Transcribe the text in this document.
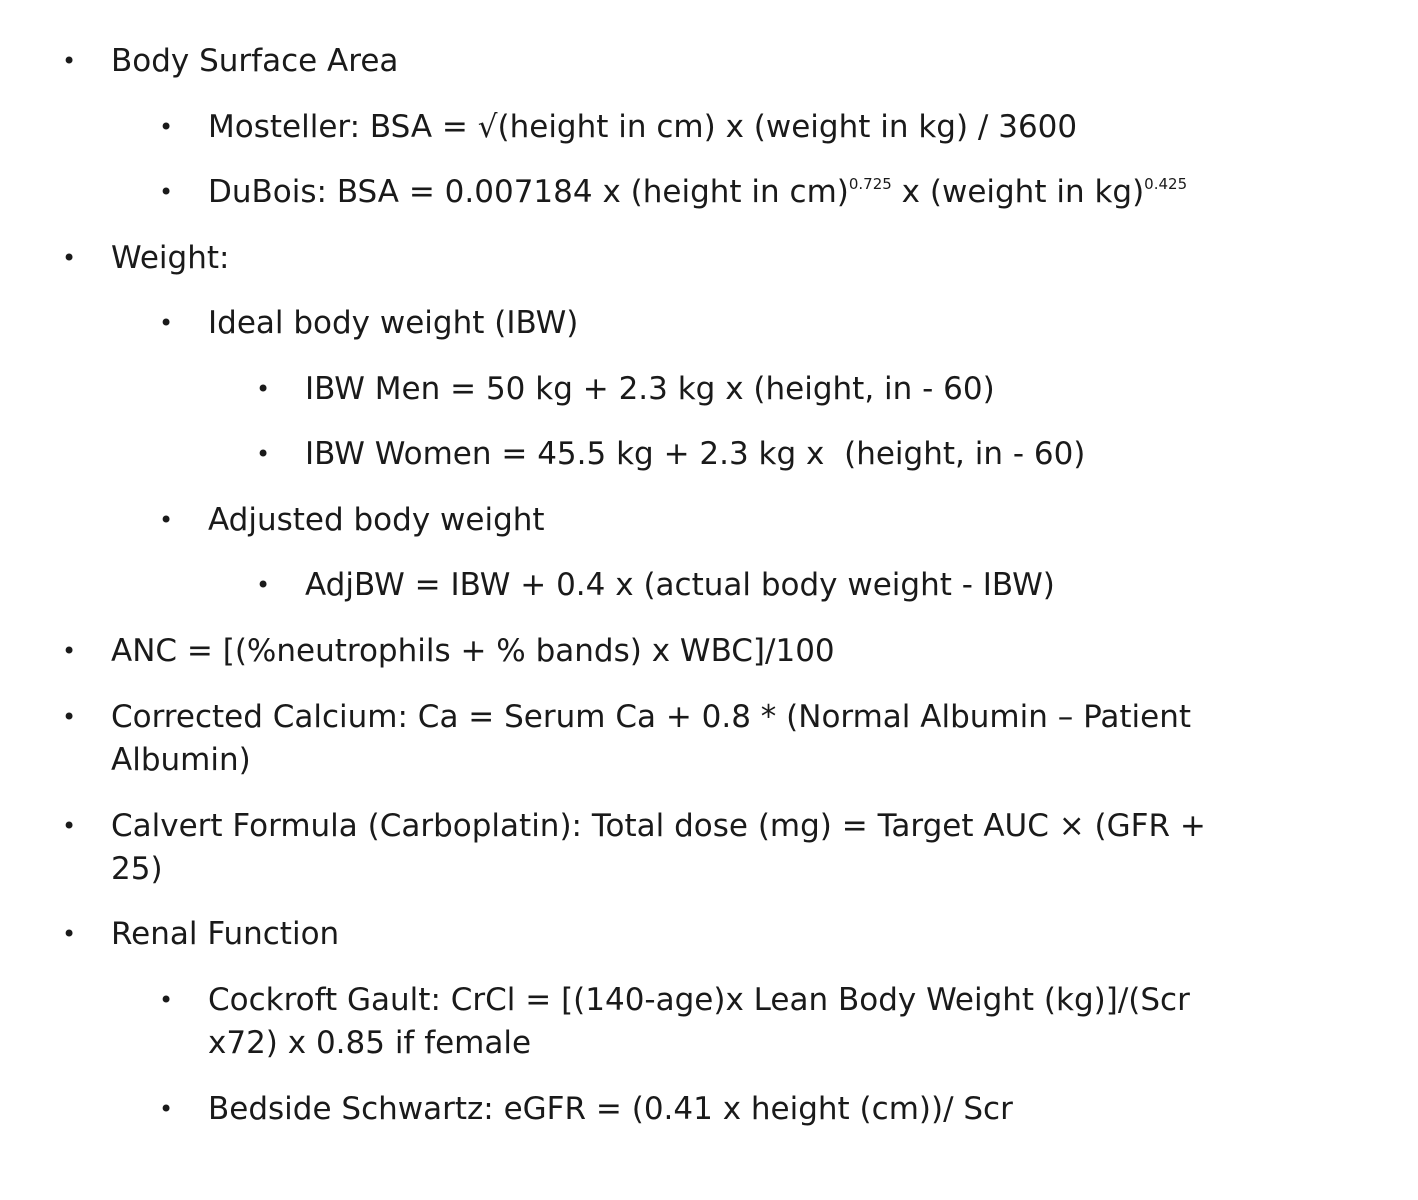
• Body Surface Area
• Mosteller: BSA = √(height in cm) x (weight in kg) / 3600
• DuBois: BSA = 0.007184 x (height in cm)$^{0.725}$ x (weight in kg)$^{0.425}$
• Weight:
• Ideal body weight (IBW)
• IBW Men = 50 kg + 2.3 kg x (height, in - 60)
• IBW Women = 45.5 kg + 2.3 kg x  (height, in - 60)
• Adjusted body weight
• AdjBW = IBW + 0.4 x (actual body weight - IBW)
• ANC = [(%neutrophils + % bands) x WBC]/100
• Corrected Calcium: Ca = Serum Ca + 0.8 * (Normal Albumin – Patient
Albumin)
• Calvert Formula (Carboplatin): Total dose (mg) = Target AUC × (GFR +
25)
• Renal Function
• Cockroft Gault: CrCl = [(140-age)x Lean Body Weight (kg)]/(Scr
x72) x 0.85 if female
• Bedside Schwartz: eGFR = (0.41 x height (cm))/ Scr
